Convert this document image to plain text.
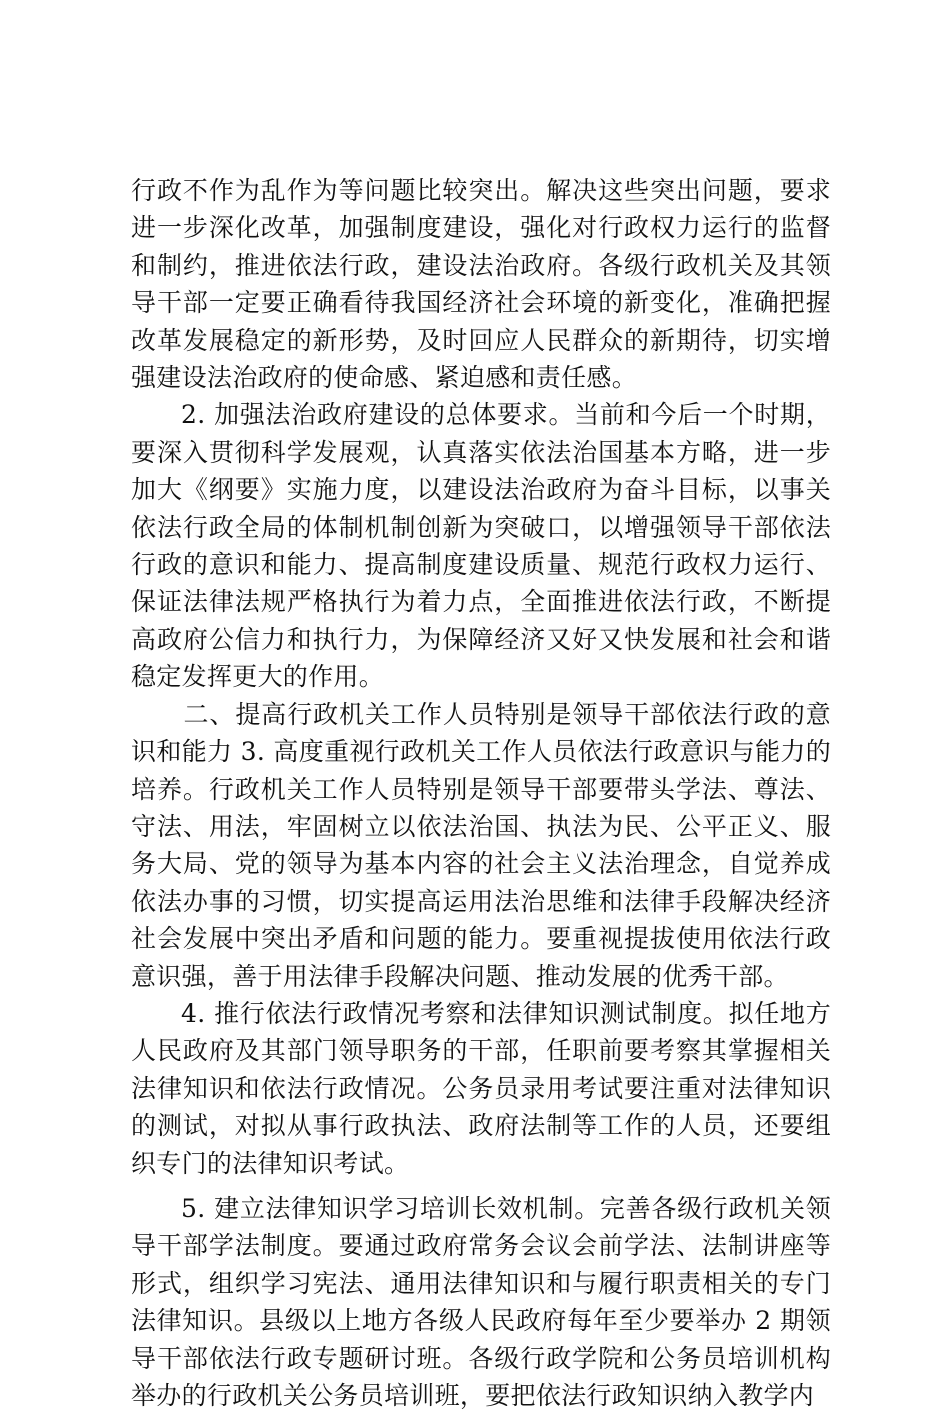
行政不作为乱作为等问题比较突出。解决这些突出问题，要求进一步深化改革，加强制度建设，强化对行政权力运行的监督和制约，推进依法行政，建设法治政府。各级行政机关及其领导干部一定要正确看待我国经济社会环境的新变化，准确把握改革发展稳定的新形势，及时回应人民群众的新期待，切实增强建设法治政府的使命感、紧迫感和责任感。

2. 加强法治政府建设的总体要求。当前和今后一个时期，要深入贯彻科学发展观，认真落实依法治国基本方略，进一步加大《纲要》实施力度，以建设法治政府为奋斗目标，以事关依法行政全局的体制机制创新为突破口，以增强领导干部依法行政的意识和能力、提高制度建设质量、规范行政权力运行、保证法律法规严格执行为着力点，全面推进依法行政，不断提高政府公信力和执行力，为保障经济又好又快发展和社会和谐稳定发挥更大的作用。

二、提高行政机关工作人员特别是领导干部依法行政的意识和能力 3. 高度重视行政机关工作人员依法行政意识与能力的培养。行政机关工作人员特别是领导干部要带头学法、尊法、守法、用法，牢固树立以依法治国、执法为民、公平正义、服务大局、党的领导为基本内容的社会主义法治理念，自觉养成依法办事的习惯，切实提高运用法治思维和法律手段解决经济社会发展中突出矛盾和问题的能力。要重视提拔使用依法行政意识强，善于用法律手段解决问题、推动发展的优秀干部。

4. 推行依法行政情况考察和法律知识测试制度。拟任地方人民政府及其部门领导职务的干部，任职前要考察其掌握相关法律知识和依法行政情况。公务员录用考试要注重对法律知识的测试，对拟从事行政执法、政府法制等工作的人员，还要组织专门的法律知识考试。

5. 建立法律知识学习培训长效机制。完善各级行政机关领导干部学法制度。要通过政府常务会议会前学法、法制讲座等形式，组织学习宪法、通用法律知识和与履行职责相关的专门法律知识。县级以上地方各级人民政府每年至少要举办 2 期领导干部依法行政专题研讨班。各级行政学院和公务员培训机构举办的行政机关公务员培训班，要把依法行政知识纳入教学内
